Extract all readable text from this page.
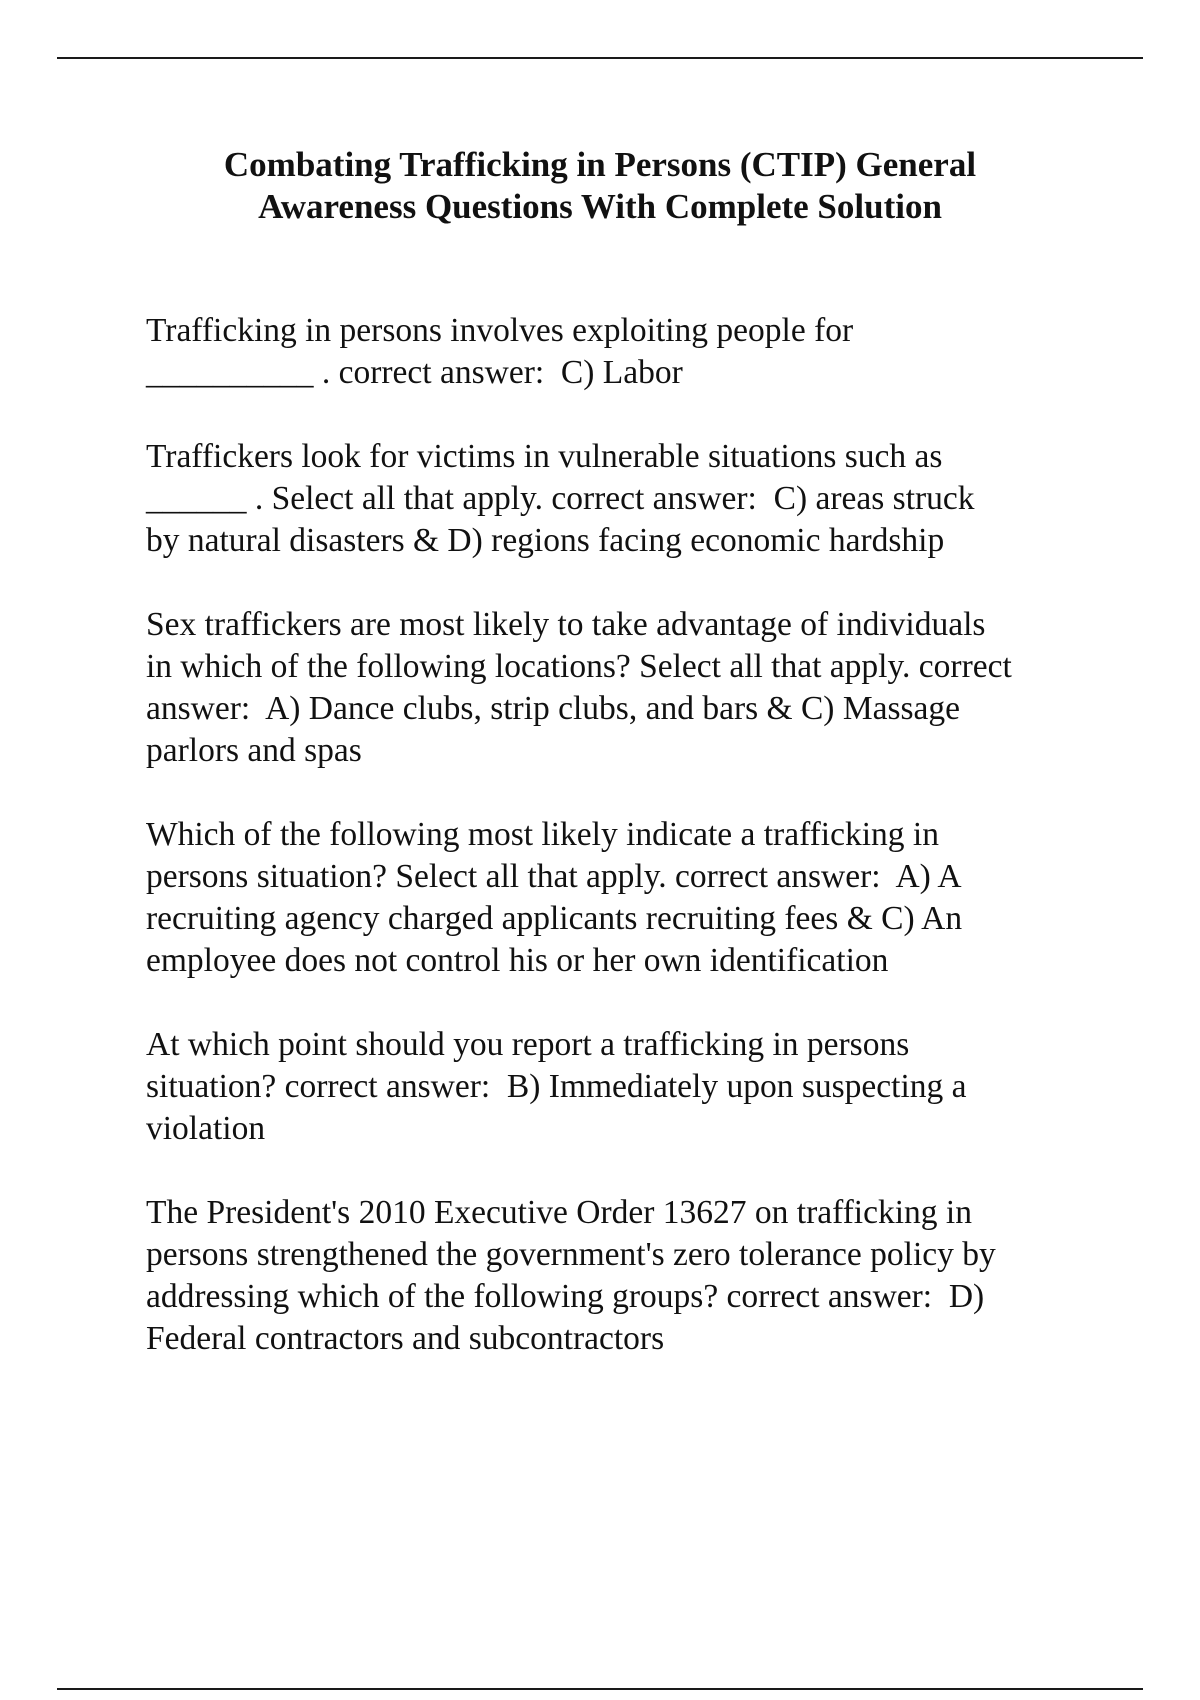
Combating Trafficking in Persons (CTIP) General
Awareness Questions With Complete Solution
Trafficking in persons involves exploiting people for
__________ . correct answer:  C) Labor
Traffickers look for victims in vulnerable situations such as
______ . Select all that apply. correct answer:  C) areas struck
by natural disasters & D) regions facing economic hardship
Sex traffickers are most likely to take advantage of individuals
in which of the following locations? Select all that apply. correct
answer:  A) Dance clubs, strip clubs, and bars & C) Massage
parlors and spas
Which of the following most likely indicate a trafficking in
persons situation? Select all that apply. correct answer:  A) A
recruiting agency charged applicants recruiting fees & C) An
employee does not control his or her own identification
At which point should you report a trafficking in persons
situation? correct answer:  B) Immediately upon suspecting a
violation
The President's 2010 Executive Order 13627 on trafficking in
persons strengthened the government's zero tolerance policy by
addressing which of the following groups? correct answer:  D)
Federal contractors and subcontractors
